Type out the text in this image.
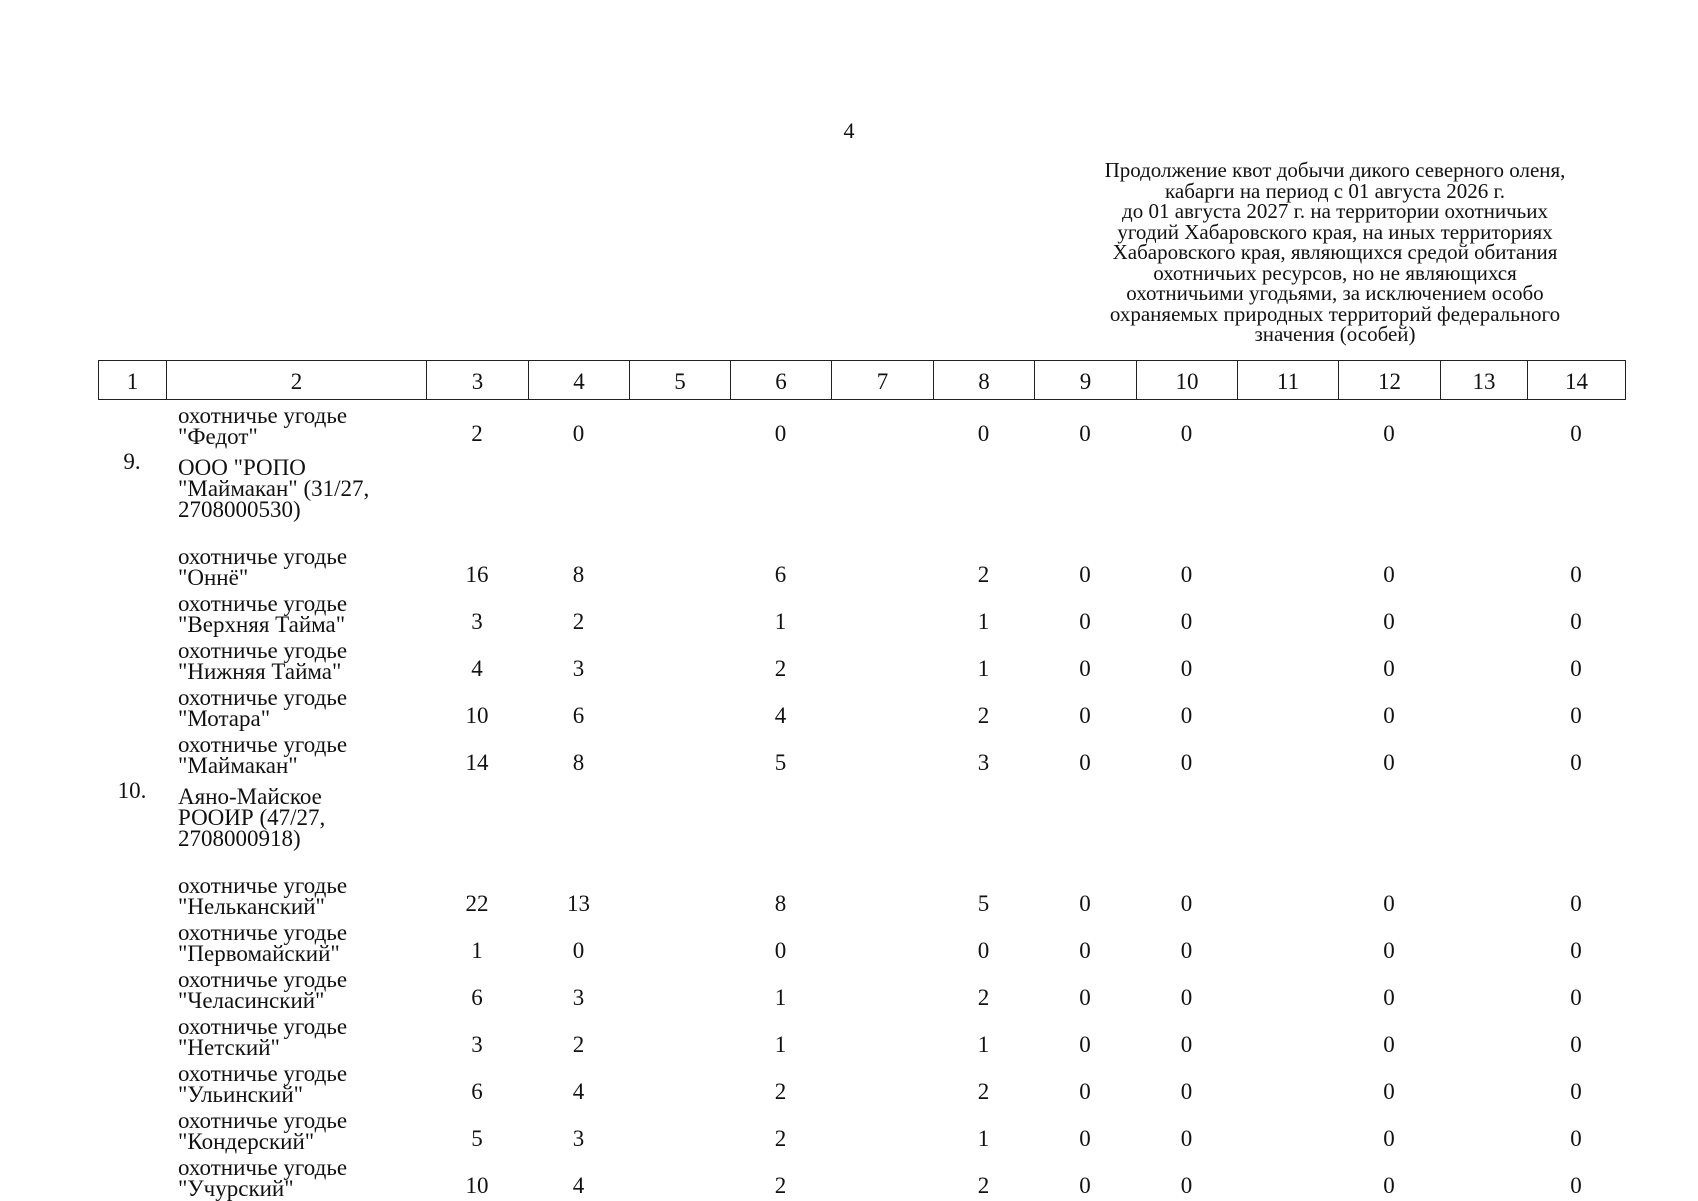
4
Продолжение квот добычи дикого северного оленя,
кабарги на период с 01 августа 2026 г.
до 01 августа 2027 г. на территории охотничьих
угодий Хабаровского края, на иных территориях
Хабаровского края, являющихся средой обитания
охотничьих ресурсов, но не являющихся
охотничьими угодьями, за исключением особо
охраняемых природных территорий федерального
значения (особей)
1	2	3	4	5	6	7	8	9	10	11	12	13	14

	охотничье угодье
"Федот"	2	0		0		0	0	0		0		0
9.	ООО "РОПО
"Маймакан" (31/27,
2708000530)												

	охотничье угодье
"Оннё"	16	8		6		2	0	0		0		0

	охотничье угодье
"Верхняя Тайма"	3	2		1		1	0	0		0		0

	охотничье угодье
"Нижняя Тайма"	4	3		2		1	0	0		0		0

	охотничье угодье
"Мотара"	10	6		4		2	0	0		0		0

	охотничье угодье
"Маймакан"	14	8		5		3	0	0		0		0
10.	Аяно-Майское
РООИР (47/27,
2708000918)												

	охотничье угодье
"Нельканский"	22	13		8		5	0	0		0		0

	охотничье угодье
"Первомайский"	1	0		0		0	0	0		0		0

	охотничье угодье
"Челасинский"	6	3		1		2	0	0		0		0

	охотничье угодье
"Нетский"	3	2		1		1	0	0		0		0

	охотничье угодье
"Ульинский"	6	4		2		2	0	0		0		0

	охотничье угодье
"Кондерский"	5	3		2		1	0	0		0		0

	охотничье угодье
"Учурский"	10	4		2		2	0	0		0		0
